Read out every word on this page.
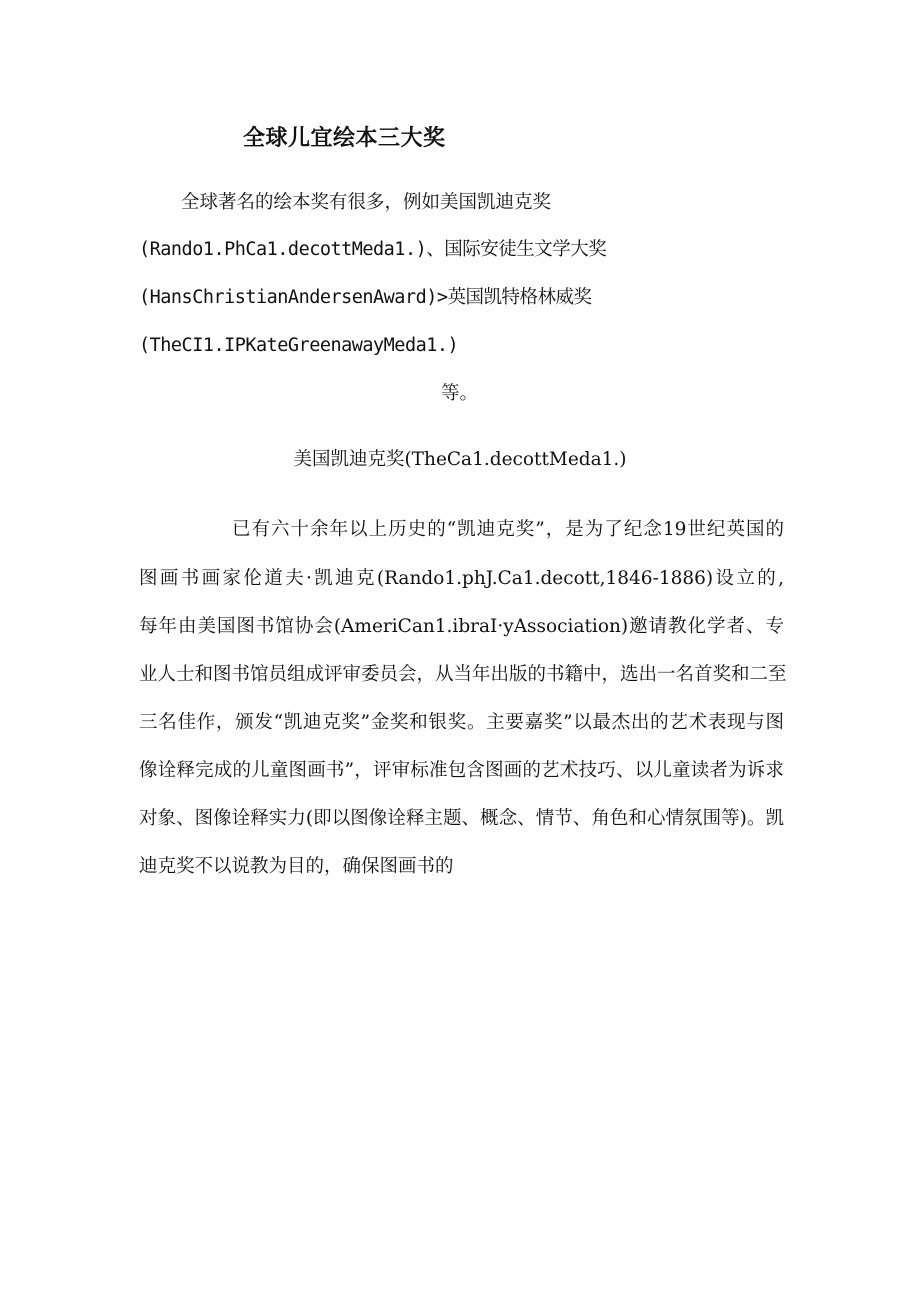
全球儿宜绘本三大奖
全球著名的绘本奖有很多，例如美国凯迪克奖
(Rando1.PhCa1.decottMeda1.)、国际安徒生文学大奖
(HansChristianAndersenAward)>英国凯特格林威奖
(TheCI1.IPKateGreenawayMeda1.)
等。
美国凯迪克奖(TheCa1.decottMeda1.)
已有六十余年以上历史的“凯迪克奖”，是为了纪念19世纪英国的
图画书画家伦道夫·凯迪克(Rando1.phJ.Ca1.decott,1846-1886)设立的,
每年由美国图书馆协会(AmeriCan1.ibraI·yAssociation)邀请教化学者、专
业人士和图书馆员组成评审委员会，从当年出版的书籍中，选出一名首奖和二至
三名佳作，颁发“凯迪克奖”金奖和银奖。主要嘉奖”以最杰出的艺术表现与图
像诠释完成的儿童图画书”，评审标准包含图画的艺术技巧、以儿童读者为诉求
对象、图像诠释实力(即以图像诠释主题、概念、情节、角色和心情氛围等)。凯
迪克奖不以说教为目的，确保图画书的
